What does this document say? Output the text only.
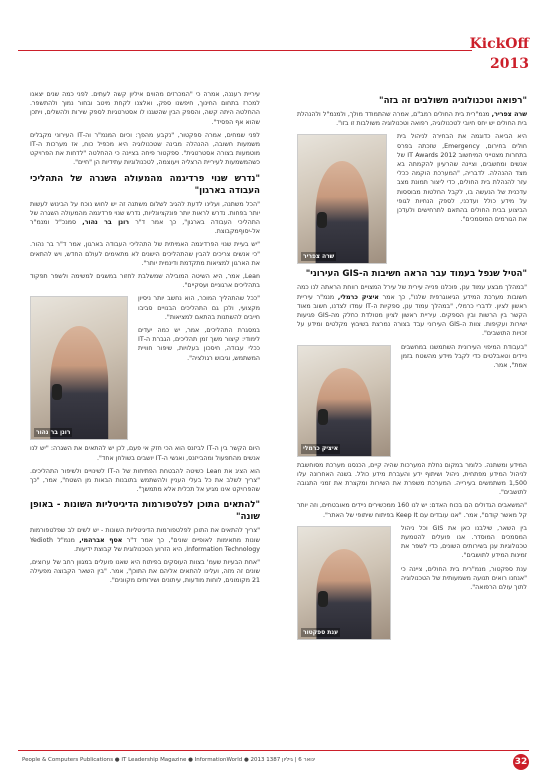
KickOff 2013
"רפואה וטכנולוגיה משולבים זה בזה"

שרה צפריר, מנמ"רית בית החולים רמב"ם, אמרה שהתמודד מולך, ולמנמ"ל ולהנהלת בית החולים יש יחס חיובי לטכנולוגיה, רפואה וטכנולוגיה משולבות זו בזו".

שרה צפריר

היא הביאה כדוגמה את הבחירה לניהול בית חולים בחירום, Emergency, שזכתה בפרס בתחרות מצטייני המיחשוב IT Awards 2012 של אנשים ומחשבים, וציינה שהרעיון להקמתה בא מצד ההנהלה. לדבריה, "המערכת הוקמה ככלי עזר להנהלת בית החולים, כדי ליצור תמונת מצב עדכנית של הנעשה בו, לקבל החלטות מבוססות על מידע כולל ועדכני, לספק הנחיות לגופי הביצוע בבית החולים בהתאם לתרחישים ולעדכן את הגורמים המוסמכים".

"הטיל שנפל בעמוד עבר הראה חשיבות ה-GIS העירוני"

"במהלך מבצע עמוד ענן, פוכלנו פנייה עירית של עירל המצויים רווחת הראתה לנו כמה חשובות מערכת המידע הגיאוגרפית שלנו", כך אמר איציק כרמלי, מנמ"ר עיריית ראשון לציון. לדברי כרמלי, "במהלך עמוד ענן, ספקיות ה-IT עמדו לצדנו, חשוב מאוד הקשר בין הרשות ובין הספקים. עיריית ראשון לציון מטולדת כחלק מה-GIS פגיעות ישירות ועקיפות. צוות ה-GIS העירוני עבד בצורה נמרצת בשיבוץ מקלטים ומידע על זכויות התושבים".

איציק כרמלי

"בעבודת המיפוי העירונית השתמשנו במחשבים ניידים וטאבלטים כדי לקבל מידע מהשטח בזמן אמת", אמר.

המידע ומשתנה. כלומר במקום נחלת המערכות שהיה קיים, הכנסנו מערכת מסוחשבת לניהול המידע מפתחית, ניהול ושיתוף ידע והעברת מידע כולל. בשנה האחרונה עלו 1,500 משתמשים בעירייה. המערכת משפרת את השירות ומקצרת את זמני התגובה לתושבים".

"המשאבים הגדולים הם בכוח האדם: יש לנו 160 ממכשירים ניידים מאובטחים, וזה יותר קל מאשר קודם", אמר. "אנו עובדים עם Keep It בפיתוח שיתופי של האתר".

ענת ספקטור

בין השאר, שילבנו כאן את GIS וכל ניהול המסמכים המוסדר. אנו פועלים להטמעת טכנולוגיות ענן בשירותים השונים, כדי לשפר את זמינות המידע לתושבים".

ענת ספקטור, מנמ"רית בית החולים, ציינה כי "אנחנו רואים תנועה משמעותית של הטכנולוגיה לתוך עולם הרפואה".

עיריית רעננה, אמרה כי "המכרזים מהווים איליון קשה לעתים. לפני כמה שנים יצאנו למכרז בתחום החינוך, חיפשנו ספק, ואלצנו לקחת מיטב ובחור נמוך ולהתשפר. ההחלטה היתה קשה, והספק הבין שהשגנו לו אסטרטגיות לספק שירות ולהשלים, ויתכן שהוא אף הפסיד".

לפני שמחים, אמרה ספקטור, "נקבע מהפך: וכיום המנמ"ר וה-IT העירוני מקבלים משמעות חשובה, ההנהלה מבינה שטכנולוגיה היא מכפיל כוח, אז מערכות ה-IT מוטמעות בצורה אסטרטגית". ספקטור פיחה בציינה כי ההחלטה "לדחות את הפרויקט כשהמשמעות לעיריית הרצליה ויעוצמה, לטכנולוגיות עתידיות הן "חיים".

"נדרש שנוי פרדיגמה מהמעולה השגרה של התהליכי העבודה בארגון"

"הכל משתנה, ועלינו לדעת להגיב לשלום משתנה זה יש לחוש נוכח על הבינוש לעשות יותר בפחות. נדרש לראות יותר פונקציונליות, נדרש שנוי פרדיגמה מהמעולה השגרה של התהליכי העבודה בארגון", כך אמר ד"ר רונן בר נהור, סמנכ"ל ומנמ"ר אל-יסוףמקבוצת.

"יש בעיית שנוי הפרדיגמה האמיתית של התהליכי העבודה בארגון, אמר ד"ר בר נהור. "כי אנשים צריכים להבין שהתהליכים הישנים לא מתאימים לעולם החדש, ויש להתאים את הארגון למציאות מתקדמת ודינמית יותר".

Lean, אמר, היא השיטה המובילה שמשלבת לחזור במשגים למשימה ולשפר תפקוד בתהליכים ארגוניים ועסקיים".

רונן בר נהור

"ככל שהתהליך המוכר, הוא נחשב יותר ניסיון מקצועי, ולכן גם התהליכים הבנויים סביבו חייבים להשתנות בהתאם למציאות".

במסגרת התהליכים, אמר, יש כמה יעדים לימודי: קיצור משך זמן תהליכים, הגברת ה-IT ככלי עבודה, חיסכון בעלויות, שיפור חוויית המשתמש, וגיבוש רגולציה".

היום הקשר בין ה-IT לביזנס הוא הכי חזק אי פעם, לכן יש להתאים את השגרה: "יש לנו אנשים מהתפעול ומהבייזנס, ואנשי ה-IT יושבים בשולחן אחד".

הוא הציג את Lean כשיטה להבטחת הפתיחות של ה-IT לשינויים ולשיפור התהליכים. "צריך לשלב את כל בעלי העניין ולהשתמש בתובנות הבאות מן השטח", אמר, "כך שהפרויקט אינו מגיע אל תכלית אלא מתמשך".

"להתאים התוכן לפלטפורמות הדיגיטליות השונות - באופן שונה"

"צריך להתאים את התוכן לפלטפורמות הדיגיטליות השונות - יש לשים לב שפלטפורמות שונות מתאימות לאופיים שונים", כך אמר ד"ר אסף אברהמי, מנמ"ל Yedioth Information Technology, היא הזרוע הטכנולוגית של קבוצת ידיעות.

"אחת הבעיות שעמ' בצוות העוסקים בפיתוח היא שאנו פועלים במגוון רחב של ערוצים, שונים זה מזה, ועלינו להתאים אליהם את התוכן", אמר. "בין השאר הקבוצה מפעילה 21 מקומונים, לוחות מודעות, עיתונים ושירותים מקוונים".

People & Computers Publications ● IT Leadership Magazine ● InformationWorld ● 2013 ינואר 6 | גיליון 1387	32
